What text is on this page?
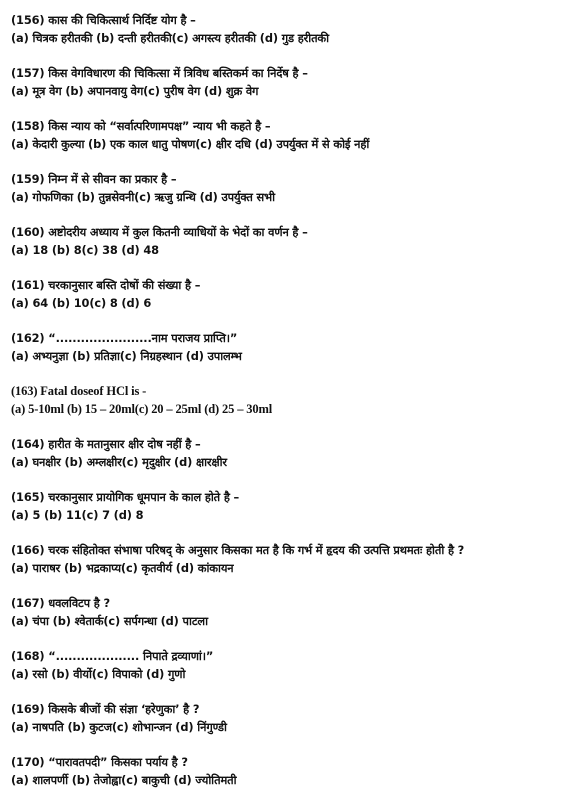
(156) कास की चिकित्सार्थ निर्दिष्ट योग है –
(a) चित्रक हरीतकी (b) दन्ती हरीतकी(c) अगस्त्य हरीतकी (d) गुड हरीतकी
(157) किस वेगविधारण की चिकित्सा में त्रिविध बस्तिकर्म का निर्देष है –
(a) मूत्र वेग (b) अपानवायु वेग(c) पुरीष वेग (d) शुक्र वेग
(158) किस न्याय को “सर्वात्परिणामपक्ष” न्याय भी कहते है –
(a) केदारी कुल्या (b) एक काल धातु पोषण(c) क्षीर दधि (d) उपर्युक्त में से कोई नहीं
(159) निम्न में से सीवन का प्रकार है –
(a) गोफणिका (b) तुन्नसेवनी(c) ऋजु ग्रन्थि (d) उपर्युक्त सभी
(160) अष्टोदरीय अध्याय में कुल कितनी व्याधियों के भेदों का वर्णन है –
(a) 18 (b) 8(c) 38 (d) 48
(161) चरकानुसार बस्ति दोषों की संख्या है –
(a) 64 (b) 10(c) 8 (d) 6
(162) “.......................नाम पराजय प्राप्ति।”
(a) अभ्यनुज्ञा (b) प्रतिज्ञा(c) निग्रहस्थान (d) उपालम्भ
(163) Fatal doseof HCl is -
(a) 5-10ml (b) 15 – 20ml(c) 20 – 25ml (d) 25 – 30ml
(164) हारीत के मतानुसार क्षीर दोष नहीं है –
(a) घनक्षीर (b) अम्लक्षीर(c) मृदुक्षीर (d) क्षारक्षीर
(165) चरकानुसार प्रायोगिक धूमपान के काल होते है –
(a) 5 (b) 11(c) 7 (d) 8
(166) चरक संहितोक्त संभाषा परिषद् के अनुसार किसका मत है कि गर्भ में हृदय की उत्पत्ति प्रथमतः होती है ?
(a) पाराषर (b) भद्रकाप्य(c) कृतवीर्य (d) कांकायन
(167) धवलविटप है ?
(a) चंपा (b) श्वेतार्क(c) सर्पगन्धा (d) पाटला
(168) “.................... निपाते द्रव्याणां।”
(a) रसो (b) वीर्यो(c) विपाको (d) गुणो
(169) किसके बीजों की संज्ञा ‘हरेणुका’ है ?
(a) नाषपति (b) कुटज(c) शोभान्जन (d) निंगुण्डी
(170) “पारावतपदी” किसका पर्याय है ?
(a) शालपर्णी (b) तेजोह्वा(c) बाकुची (d) ज्योतिमती
